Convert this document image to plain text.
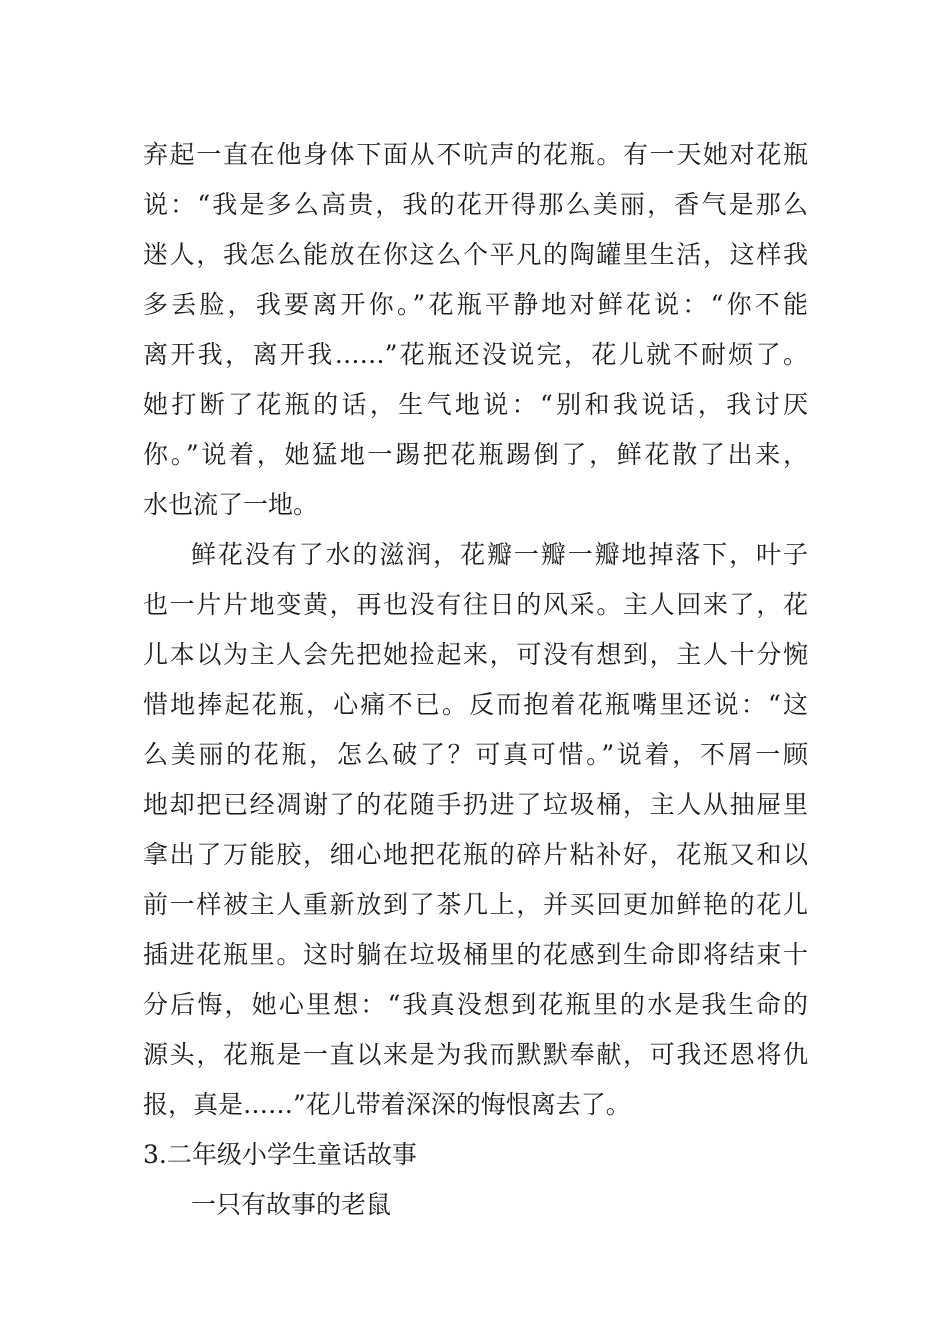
弃起一直在他身体下面从不吭声的花瓶。有一天她对花瓶
说：“我是多么高贵，我的花开得那么美丽，香气是那么
迷人，我怎么能放在你这么个平凡的陶罐里生活，这样我
多丢脸，我要离开你。”花瓶平静地对鲜花说：“你不能
离开我，离开我……”花瓶还没说完，花儿就不耐烦了。
她打断了花瓶的话，生气地说：“别和我说话，我讨厌
你。”说着，她猛地一踢把花瓶踢倒了，鲜花散了出来，
水也流了一地。
鲜花没有了水的滋润，花瓣一瓣一瓣地掉落下，叶子
也一片片地变黄，再也没有往日的风采。主人回来了，花
儿本以为主人会先把她捡起来，可没有想到，主人十分惋
惜地捧起花瓶，心痛不已。反而抱着花瓶嘴里还说：“这
么美丽的花瓶，怎么破了？可真可惜。”说着，不屑一顾
地却把已经凋谢了的花随手扔进了垃圾桶，主人从抽屉里
拿出了万能胶，细心地把花瓶的碎片粘补好，花瓶又和以
前一样被主人重新放到了茶几上，并买回更加鲜艳的花儿
插进花瓶里。这时躺在垃圾桶里的花感到生命即将结束十
分后悔，她心里想：“我真没想到花瓶里的水是我生命的
源头，花瓶是一直以来是为我而默默奉献，可我还恩将仇
报，真是……”花儿带着深深的悔恨离去了。
3.二年级小学生童话故事
一只有故事的老鼠
